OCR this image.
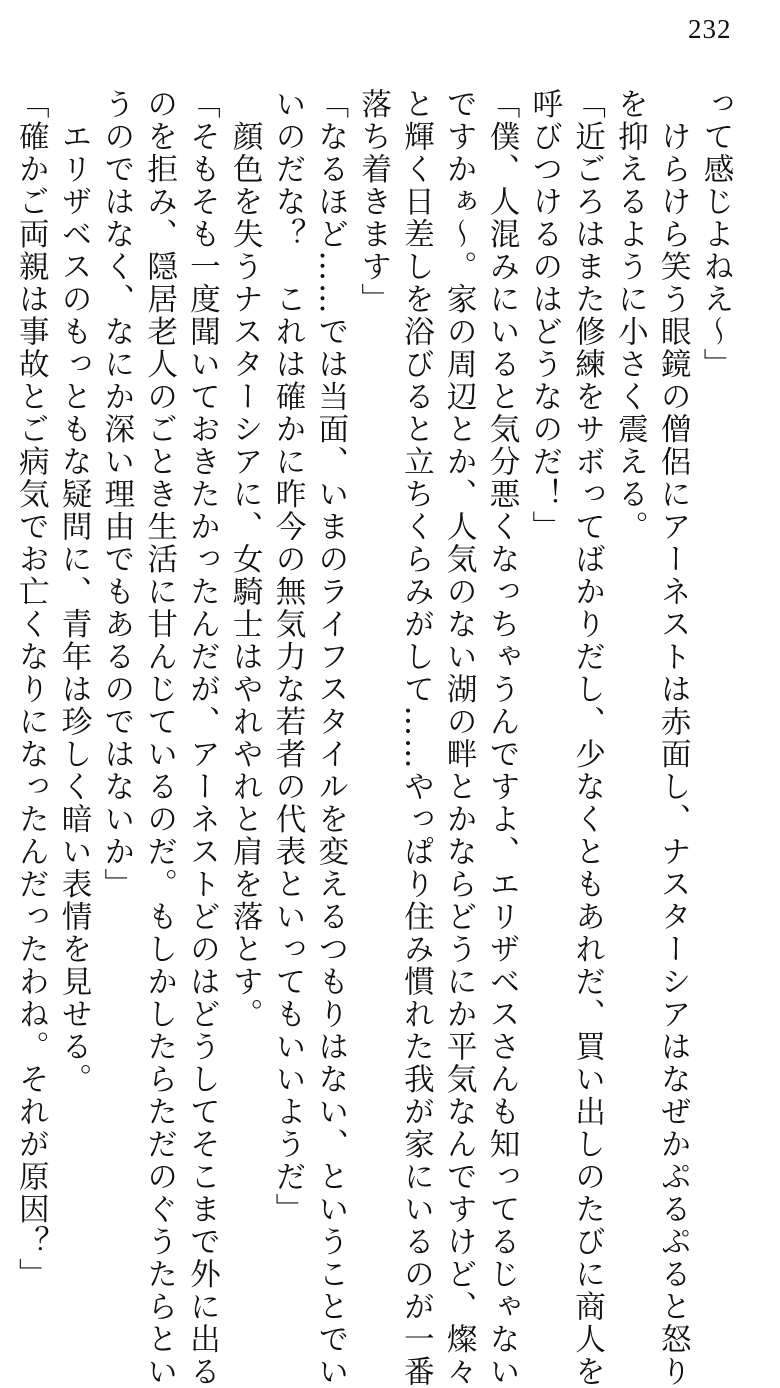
232
って感じよねえ～」
　けらけら笑う眼鏡の僧侶にアーネストは赤面し、ナスターシアはなぜかぷるぷると怒り
を抑えるように小さく震える。
「近ごろはまた修練をサボってばかりだし、少なくともあれだ、買い出しのたびに商人を
呼びつけるのはどうなのだ！」
「僕、人混みにいると気分悪くなっちゃうんですよ、エリザベスさんも知ってるじゃない
ですかぁ～。家の周辺とか、人気のない湖の畔とかならどうにか平気なんですけど、燦々
と輝く日差しを浴びると立ちくらみがして……やっぱり住み慣れた我が家にいるのが一番
落ち着きます」
「なるほど……では当面、いまのライフスタイルを変えるつもりはない、ということでい
いのだな？　これは確かに昨今の無気力な若者の代表といってもいいようだ」
　顔色を失うナスターシアに、女騎士はやれやれと肩を落とす。
「そもそも一度聞いておきたかったんだが、アーネストどのはどうしてそこまで外に出る
のを拒み、隠居老人のごとき生活に甘んじているのだ。もしかしたらただのぐうたらとい
うのではなく、なにか深い理由でもあるのではないか」
　エリザベスのもっともな疑問に、青年は珍しく暗い表情を見せる。
「確かご両親は事故とご病気でお亡くなりになったんだったわね。それが原因？」
